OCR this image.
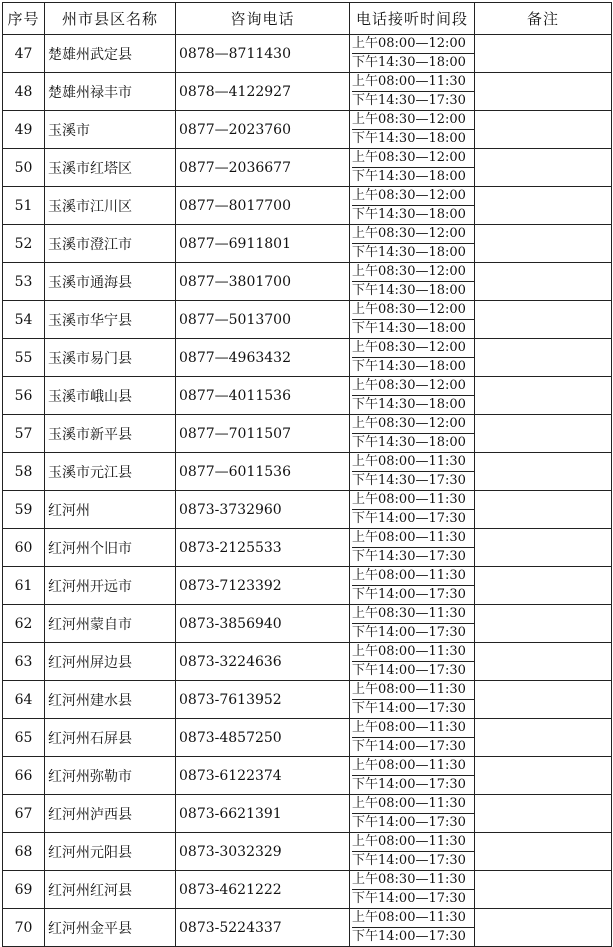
序号	州市县区名称	咨询电话	电话接听时间段	备注
47	楚雄州武定县	0878—8711430	上午08:00—12:00
下午14:30—18:00	

48	楚雄州禄丰市	0878—4122927	上午08:00—11:30
下午14:30—17:30	

49	玉溪市	0877—2023760	上午08:30—12:00
下午14:30—18:00	

50	玉溪市红塔区	0877—2036677	上午08:30—12:00
下午14:30—18:00	

51	玉溪市江川区	0877—8017700	上午08:30—12:00
下午14:30—18:00	

52	玉溪市澄江市	0877—6911801	上午08:30—12:00
下午14:30—18:00	

53	玉溪市通海县	0877—3801700	上午08:30—12:00
下午14:30—18:00	

54	玉溪市华宁县	0877—5013700	上午08:30—12:00
下午14:30—18:00	

55	玉溪市易门县	0877—4963432	上午08:30—12:00
下午14:30—18:00	

56	玉溪市峨山县	0877—4011536	上午08:30—12:00
下午14:30—18:00	

57	玉溪市新平县	0877—7011507	上午08:30—12:00
下午14:30—18:00	

58	玉溪市元江县	0877—6011536	上午08:00—11:30
下午14:30—17:30	

59	红河州	0873-3732960	上午08:00—11:30
下午14:00—17:30	

60	红河州个旧市	0873-2125533	上午08:00—11:30
下午14:30—17:30	

61	红河州开远市	0873-7123392	上午08:00—11:30
下午14:00—17:30	

62	红河州蒙自市	0873-3856940	上午08:30—11:30
下午14:00—17:30	

63	红河州屏边县	0873-3224636	上午08:00—11:30
下午14:00—17:30	

64	红河州建水县	0873-7613952	上午08:00—11:30
下午14:00—17:30	

65	红河州石屏县	0873-4857250	上午08:00—11:30
下午14:00—17:30	

66	红河州弥勒市	0873-6122374	上午08:00—11:30
下午14:00—17:30	

67	红河州泸西县	0873-6621391	上午08:00—11:30
下午14:00—17:30	

68	红河州元阳县	0873-3032329	上午08:00—11:30
下午14:00—17:30	

69	红河州红河县	0873-4621222	上午08:30—11:30
下午14:00—17:30	

70	红河州金平县	0873-5224337	上午08:00—11:30
下午14:00—17:30	
